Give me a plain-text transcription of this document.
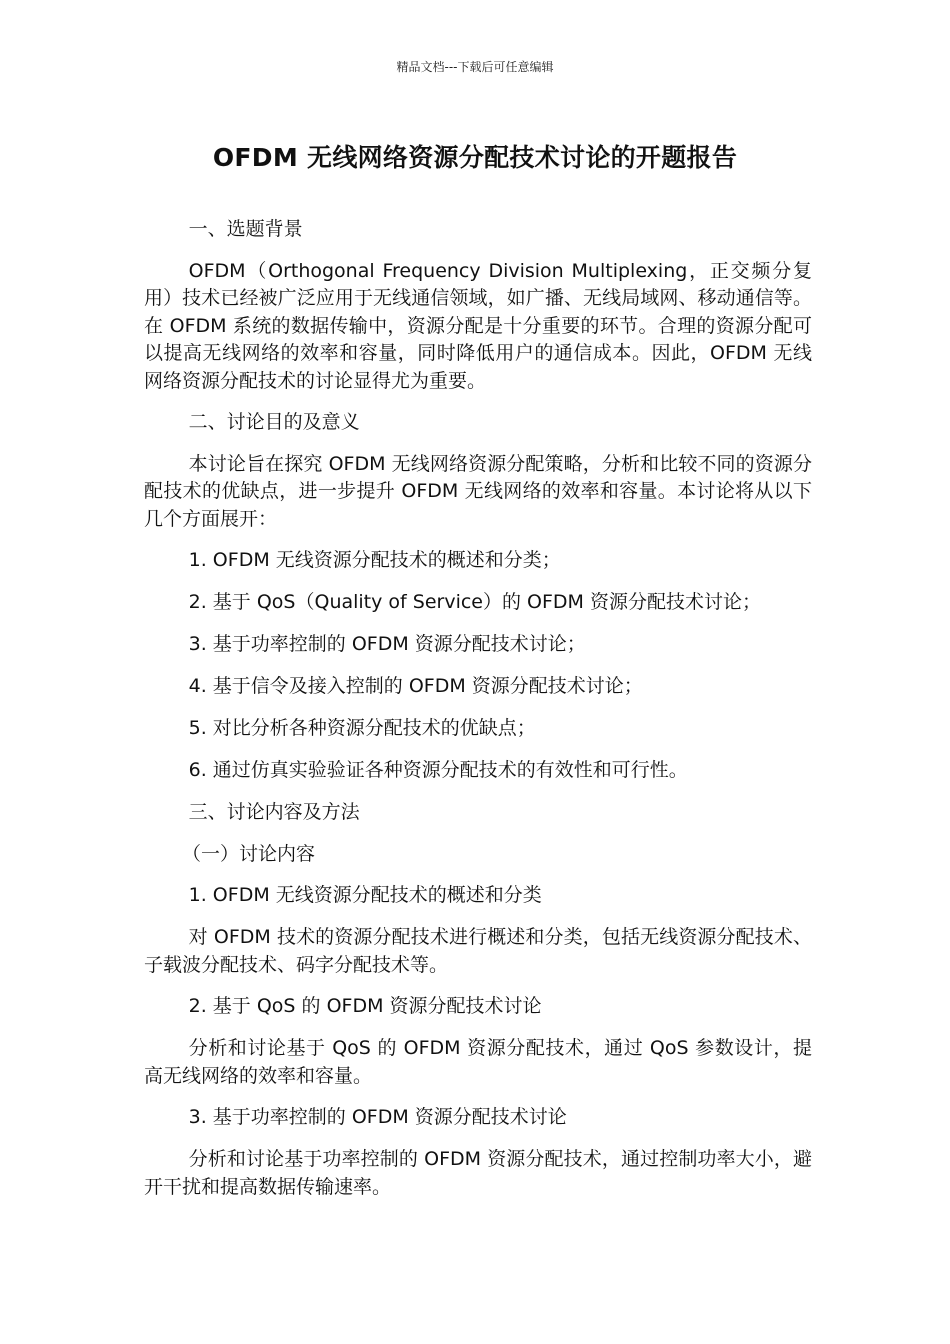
精品文档---下载后可任意编辑
OFDM 无线网络资源分配技术讨论的开题报告
一、选题背景
OFDM（Orthogonal Frequency Division Multiplexing，正交频分复用）技术已经被广泛应用于无线通信领域，如广播、无线局域网、移动通信等。在 OFDM 系统的数据传输中，资源分配是十分重要的环节。合理的资源分配可以提高无线网络的效率和容量，同时降低用户的通信成本。因此，OFDM 无线网络资源分配技术的讨论显得尤为重要。
二、讨论目的及意义
本讨论旨在探究 OFDM 无线网络资源分配策略，分析和比较不同的资源分配技术的优缺点，进一步提升 OFDM 无线网络的效率和容量。本讨论将从以下几个方面展开：
1. OFDM 无线资源分配技术的概述和分类；
2. 基于 QoS（Quality of Service）的 OFDM 资源分配技术讨论；
3. 基于功率控制的 OFDM 资源分配技术讨论；
4. 基于信令及接入控制的 OFDM 资源分配技术讨论；
5. 对比分析各种资源分配技术的优缺点；
6. 通过仿真实验验证各种资源分配技术的有效性和可行性。
三、讨论内容及方法
（一）讨论内容
1. OFDM 无线资源分配技术的概述和分类
对 OFDM 技术的资源分配技术进行概述和分类，包括无线资源分配技术、子载波分配技术、码字分配技术等。
2. 基于 QoS 的 OFDM 资源分配技术讨论
分析和讨论基于 QoS 的 OFDM 资源分配技术，通过 QoS 参数设计，提高无线网络的效率和容量。
3. 基于功率控制的 OFDM 资源分配技术讨论
分析和讨论基于功率控制的 OFDM 资源分配技术，通过控制功率大小，避开干扰和提高数据传输速率。
